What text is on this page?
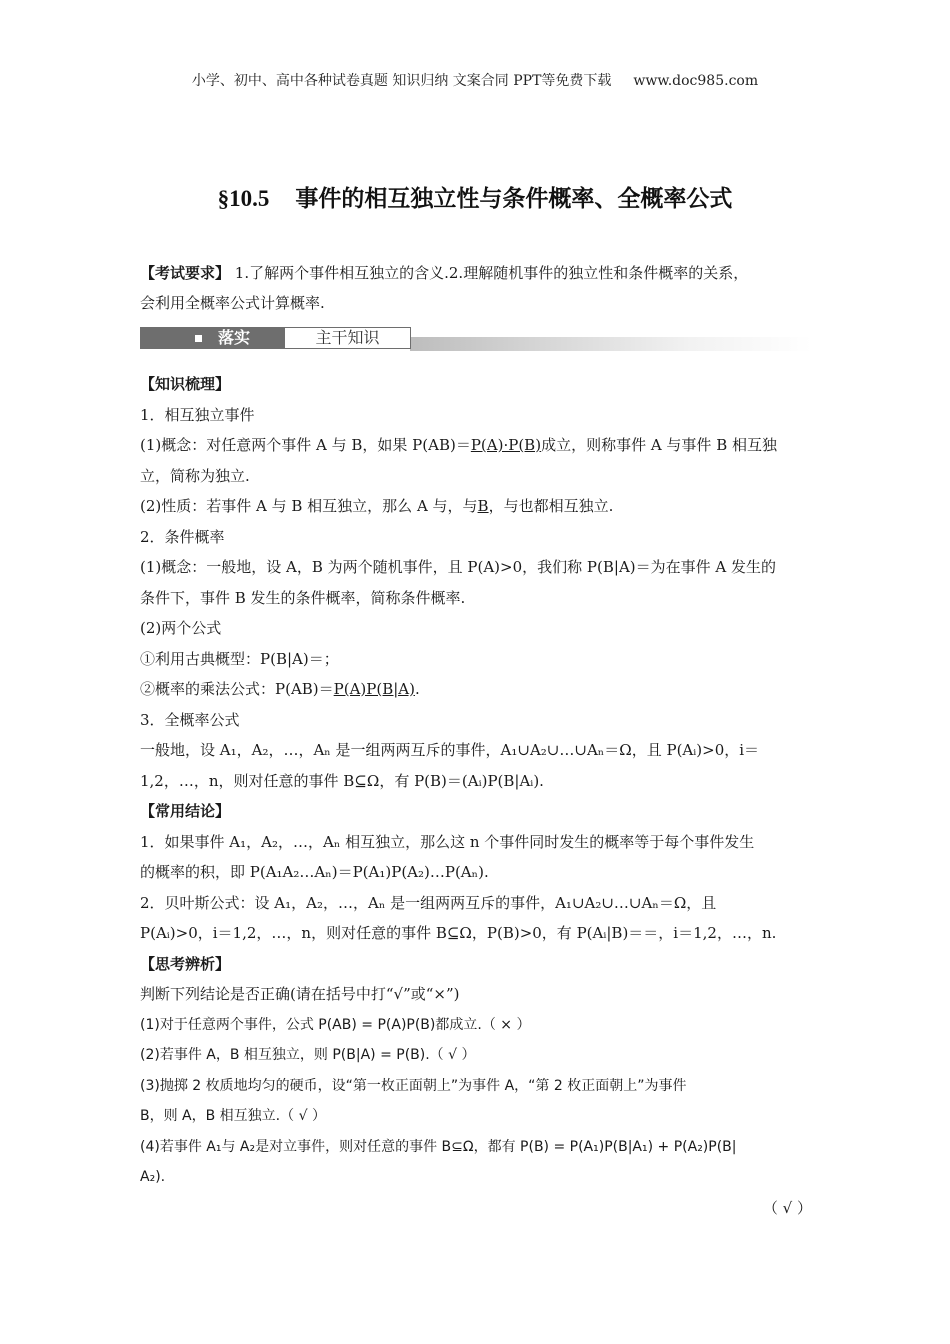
小学、初中、高中各种试卷真题 知识归纳 文案合同 PPT等免费下载 www.doc985.com
§10.5 事件的相互独立性与条件概率、全概率公式
【考试要求】 1.了解两个事件相互独立的含义.2.理解随机事件的独立性和条件概率的关系，
会利用全概率公式计算概率.
落实	主干知识
【知识梳理】
1．相互独立事件
(1)概念：对任意两个事件 A 与 B，如果 P(AB)＝P(A)·P(B)成立，则称事件 A 与事件 B 相互独
立，简称为独立.
(2)性质：若事件 A 与 B 相互独立，那么 A 与，与B，与也都相互独立.
2．条件概率
(1)概念：一般地，设 A，B 为两个随机事件，且 P(A)>0，我们称 P(B|A)＝为在事件 A 发生的
条件下，事件 B 发生的条件概率，简称条件概率.
(2)两个公式
①利用古典概型：P(B|A)＝；
②概率的乘法公式：P(AB)＝P(A)P(B|A).
3．全概率公式
一般地，设 A₁，A₂，…，Aₙ 是一组两两互斥的事件，A₁∪A₂∪…∪Aₙ＝Ω，且 P(Aᵢ)>0，i＝
1,2，…，n，则对任意的事件 B⊆Ω，有 P(B)＝(Aᵢ)P(B|Aᵢ).
【常用结论】
1．如果事件 A₁，A₂，…，Aₙ 相互独立，那么这 n 个事件同时发生的概率等于每个事件发生
的概率的积，即 P(A₁A₂…Aₙ)＝P(A₁)P(A₂)…P(Aₙ).
2．贝叶斯公式：设 A₁，A₂，…，Aₙ 是一组两两互斥的事件，A₁∪A₂∪…∪Aₙ＝Ω，且
P(Aᵢ)>0，i＝1,2，…，n，则对任意的事件 B⊆Ω，P(B)>0，有 P(Aᵢ|B)＝＝，i＝1,2，…，n.
【思考辨析】
判断下列结论是否正确(请在括号中打“√”或“×”)
(1)对于任意两个事件，公式 P(AB) = P(A)P(B)都成立.（ × ）
(2)若事件 A，B 相互独立，则 P(B|A) = P(B).（ √ ）
(3)抛掷 2 枚质地均匀的硬币，设“第一枚正面朝上”为事件 A，“第 2 枚正面朝上”为事件
B，则 A，B 相互独立.（ √ ）
(4)若事件 A₁与 A₂是对立事件，则对任意的事件 B⊆Ω，都有 P(B) = P(A₁)P(B|A₁) + P(A₂)P(B|
A₂).
（ √ ）
